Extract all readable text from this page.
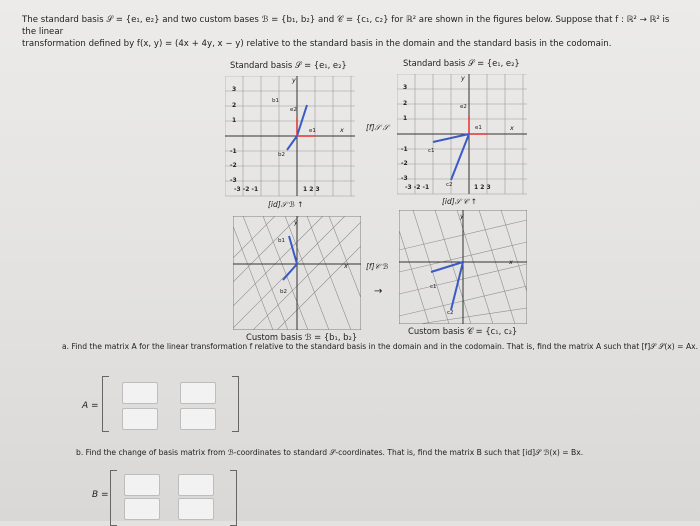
The standard basis 𝒮 = {e₁, e₂} and two custom bases ℬ = {b₁, b₂} and 𝒞 = {c₁, c₂} for ℝ² are shown in the figures below. Suppose that f : ℝ² → ℝ² is the linear
transformation defined by f(x, y) = (4x + 4y, x − y) relative to the standard basis in the domain and the standard basis in the codomain.
Standard basis 𝒮 = {e₁, e₂}	Standard basis 𝒮 = {e₁, e₂}
y
x
b1
b2
e1
e2
3
2
1
-1
-2
-3
-3 -2 -1	1 2 3
y
x
c1
c2
e1
e2
3
2
1
-1
-2
-3
-3 -2 -1	1 2 3
[f]𝒮 𝒮
[f]𝒞 ℬ
→
[id]𝒮 ℬ ↑	[id]𝒮 𝒞 ↑
y
x
b1
b2
y
x
c1
c2
Custom basis ℬ = {b₁, b₂}
Custom basis 𝒞 = {c₁, c₂}
a. Find the matrix A for the linear transformation f relative to the standard basis in the domain and in the codomain. That is, find the matrix A such that [f]𝒮 𝒮(x) = Ax.
A =
b. Find the change of basis matrix from ℬ-coordinates to standard 𝒮-coordinates. That is, find the matrix B such that [id]𝒮 ℬ(x) = Bx.
B =
